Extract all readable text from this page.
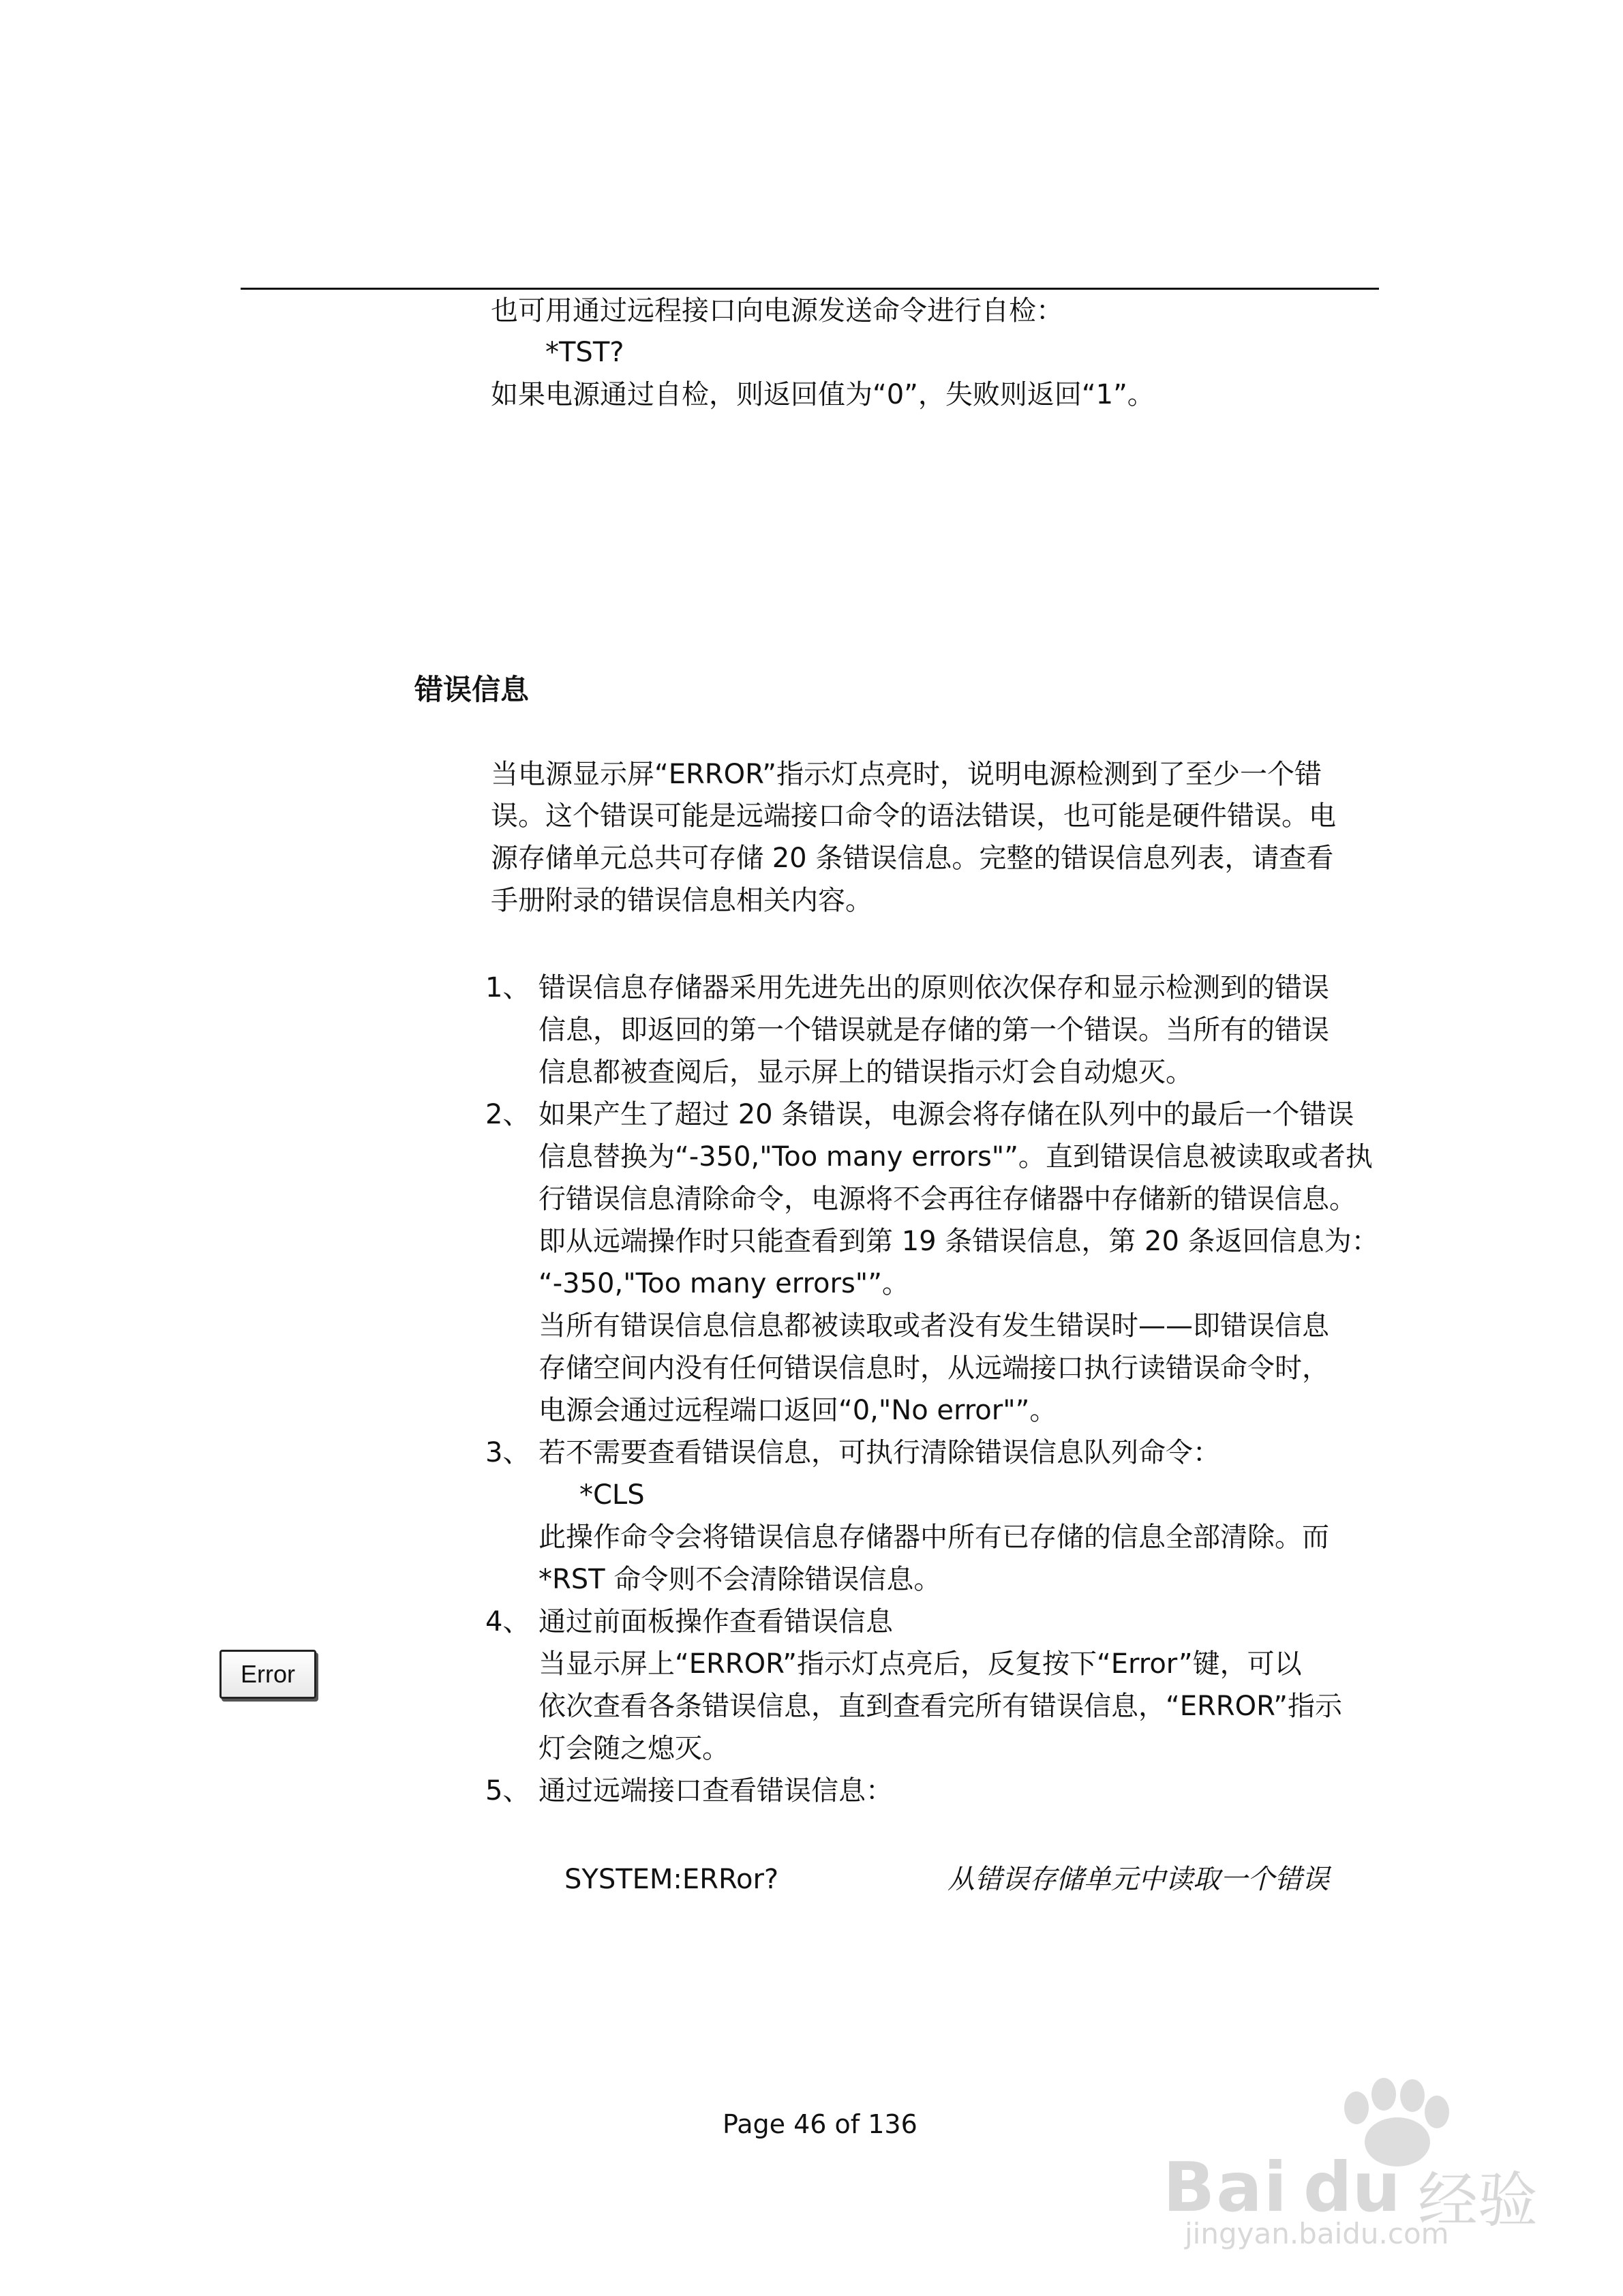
也可用通过远程接口向电源发送命令进行自检：
*TST?
如果电源通过自检，则返回值为“0”，失败则返回“1”。
错误信息
当电源显示屏“ERROR”指示灯点亮时，说明电源检测到了至少一个错
误。这个错误可能是远端接口命令的语法错误，也可能是硬件错误。电
源存储单元总共可存储 20 条错误信息。完整的错误信息列表，请查看
手册附录的错误信息相关内容。
1、 错误信息存储器采用先进先出的原则依次保存和显示检测到的错误
信息，即返回的第一个错误就是存储的第一个错误。当所有的错误
信息都被查阅后，显示屏上的错误指示灯会自动熄灭。
2、 如果产生了超过 20 条错误，电源会将存储在队列中的最后一个错误
信息替换为“-350,"Too many errors"”。直到错误信息被读取或者执
行错误信息清除命令，电源将不会再往存储器中存储新的错误信息。
即从远端操作时只能查看到第 19 条错误信息，第 20 条返回信息为：
“-350,"Too many errors"”。
当所有错误信息信息都被读取或者没有发生错误时——即错误信息
存储空间内没有任何错误信息时，从远端接口执行读错误命令时，
电源会通过远程端口返回“0,"No error"”。
3、 若不需要查看错误信息，可执行清除错误信息队列命令：
*CLS
此操作命令会将错误信息存储器中所有已存储的信息全部清除。而
*RST 命令则不会清除错误信息。
4、 通过前面板操作查看错误信息
当显示屏上“ERROR”指示灯点亮后，反复按下“Error”键，可以
依次查看各条错误信息，直到查看完所有错误信息，“ERROR”指示
灯会随之熄灭。
5、 通过远端接口查看错误信息：
Error
SYSTEM:ERRor?	从错误存储单元中读取一个错误
Page 46 of 136
Bai du 经验
jingyan.baidu.com
